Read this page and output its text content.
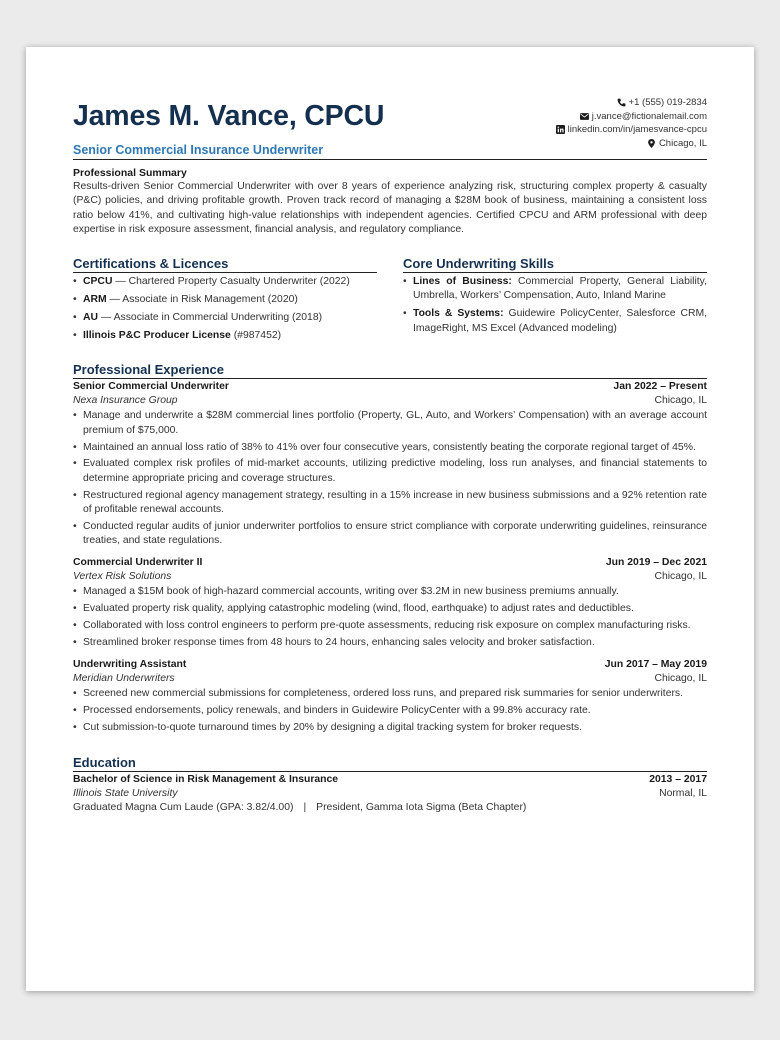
James M. Vance, CPCU
Senior Commercial Insurance Underwriter
+1 (555) 019-2834
j.vance@fictionalemail.com
linkedin.com/in/jamesvance-cpcu
Chicago, IL
Professional Summary
Results-driven Senior Commercial Underwriter with over 8 years of experience analyzing risk, structuring complex property & casualty (P&C) policies, and driving profitable growth. Proven track record of managing a $28M book of business, maintaining a consistent loss ratio below 41%, and cultivating high-value relationships with independent agencies. Certified CPCU and ARM professional with deep expertise in risk exposure assessment, financial analysis, and regulatory compliance.
Certifications & Licences
• CPCU — Chartered Property Casualty Underwriter (2022)
• ARM — Associate in Risk Management (2020)
• AU — Associate in Commercial Underwriting (2018)
• Illinois P&C Producer License (#987452)
Core Underwriting Skills
• Lines of Business: Commercial Property, General Liability, Umbrella, Workers’ Compensation, Auto, Inland Marine
• Tools & Systems: Guidewire PolicyCenter, Salesforce CRM, ImageRight, MS Excel (Advanced modeling)
Professional Experience
Senior Commercial Underwriter	Jan 2022 – Present
Nexa Insurance Group	Chicago, IL
• Manage and underwrite a $28M commercial lines portfolio (Property, GL, Auto, and Workers’ Compensation) with an average account premium of $75,000.
• Maintained an annual loss ratio of 38% to 41% over four consecutive years, consistently beating the corporate regional target of 45%.
• Evaluated complex risk profiles of mid-market accounts, utilizing predictive modeling, loss run analyses, and financial statements to determine appropriate pricing and coverage structures.
• Restructured regional agency management strategy, resulting in a 15% increase in new business submissions and a 92% retention rate of profitable renewal accounts.
• Conducted regular audits of junior underwriter portfolios to ensure strict compliance with corporate underwriting guidelines, reinsurance treaties, and state regulations.
Commercial Underwriter II	Jun 2019 – Dec 2021
Vertex Risk Solutions	Chicago, IL
• Managed a $15M book of high-hazard commercial accounts, writing over $3.2M in new business premiums annually.
• Evaluated property risk quality, applying catastrophic modeling (wind, flood, earthquake) to adjust rates and deductibles.
• Collaborated with loss control engineers to perform pre-quote assessments, reducing risk exposure on complex manufacturing risks.
• Streamlined broker response times from 48 hours to 24 hours, enhancing sales velocity and broker satisfaction.
Underwriting Assistant	Jun 2017 – May 2019
Meridian Underwriters	Chicago, IL
• Screened new commercial submissions for completeness, ordered loss runs, and prepared risk summaries for senior underwriters.
• Processed endorsements, policy renewals, and binders in Guidewire PolicyCenter with a 99.8% accuracy rate.
• Cut submission-to-quote turnaround times by 20% by designing a digital tracking system for broker requests.
Education
Bachelor of Science in Risk Management & Insurance	2013 – 2017
Illinois State University	Normal, IL
Graduated Magna Cum Laude (GPA: 3.82/4.00) | President, Gamma Iota Sigma (Beta Chapter)
